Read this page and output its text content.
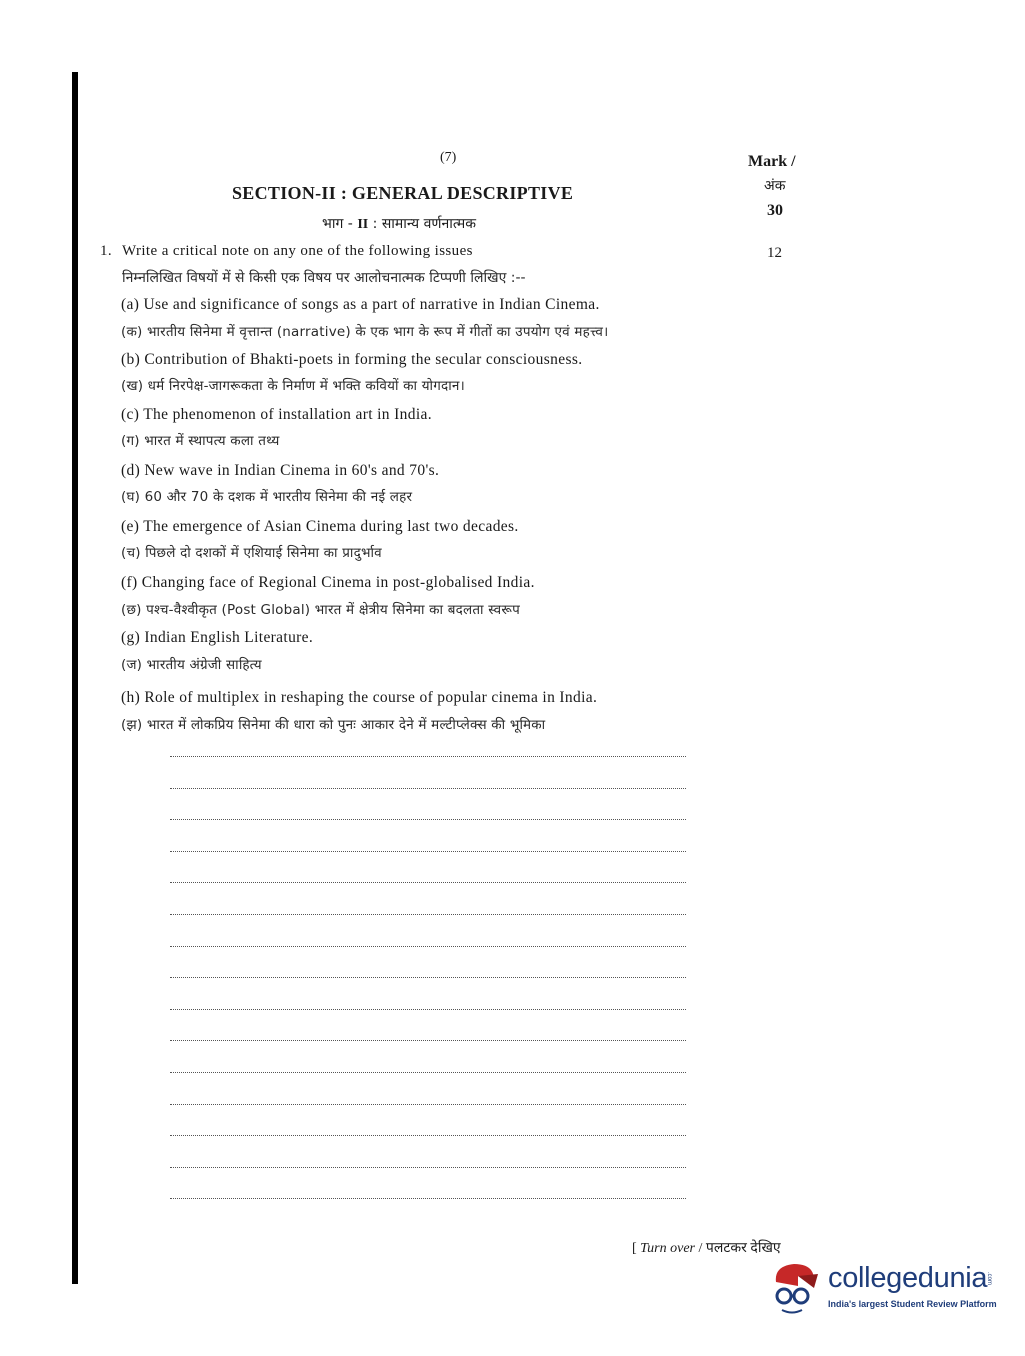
(7)	Mark /
अंक
30
SECTION-II : GENERAL DESCRIPTIVE
भाग - II : सामान्य वर्णनात्मक
1. Write a critical note on any one of the following issues	12
निम्नलिखित विषयों में से किसी एक विषय पर आलोचनात्मक टिप्पणी लिखिए :--
(a) Use and significance of songs as a part of narrative in Indian Cinema.
(क) भारतीय सिनेमा में वृत्तान्त (narrative) के एक भाग के रूप में गीतों का उपयोग एवं महत्त्व।
(b) Contribution of Bhakti-poets in forming the secular consciousness.
(ख) धर्म निरपेक्ष-जागरूकता के निर्माण में भक्ति कवियों का योगदान।
(c) The phenomenon of installation art in India.
(ग) भारत में स्थापत्य कला तथ्य
(d) New wave in Indian Cinema in 60's and 70's.
(घ) 60 और 70 के दशक में भारतीय सिनेमा की नई लहर
(e) The emergence of Asian Cinema during last two decades.
(च) पिछले दो दशकों में एशियाई सिनेमा का प्रादुर्भाव
(f) Changing face of Regional Cinema in post-globalised India.
(छ) पश्च-वैश्वीकृत (Post Global) भारत में क्षेत्रीय सिनेमा का बदलता स्वरूप
(g) Indian English Literature.
(ज) भारतीय अंग्रेजी साहित्य
(h) Role of multiplex in reshaping the course of popular cinema in India.
(झ) भारत में लोकप्रिय सिनेमा की धारा को पुनः आकार देने में मल्टीप्लेक्स की भूमिका
[ Turn over / पलटकर देखिए
collegedunia
.com
India's largest Student Review Platform
